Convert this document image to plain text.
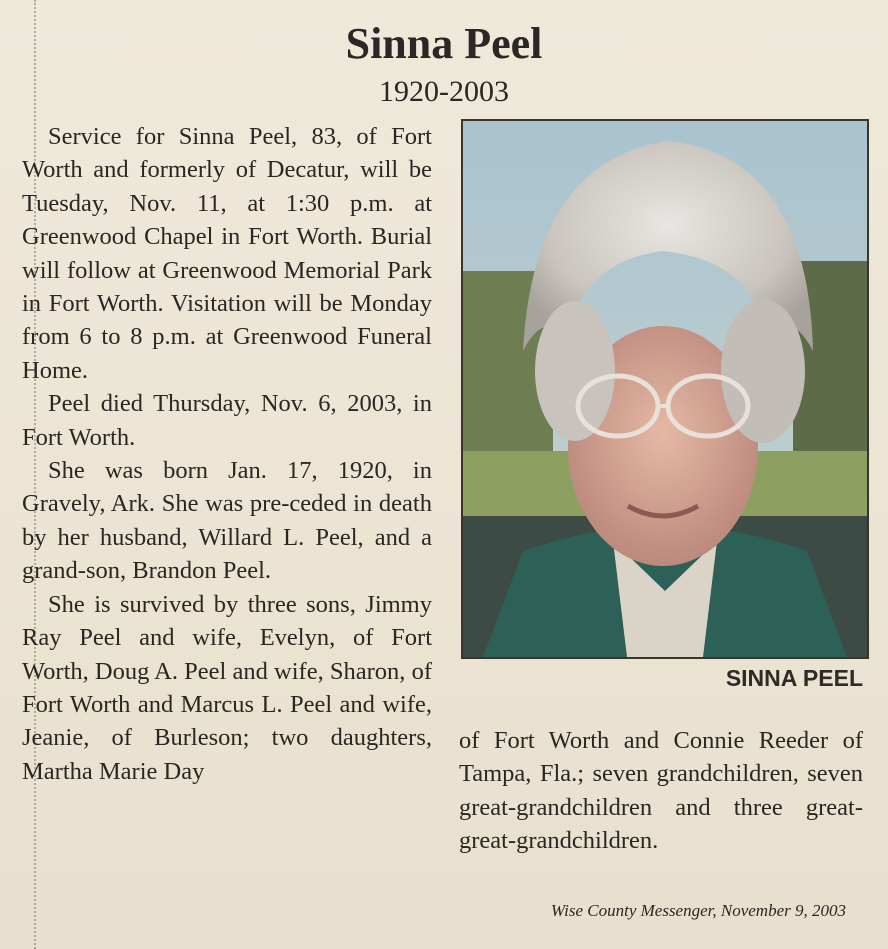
Sinna Peel
1920-2003

Service for Sinna Peel, 83, of Fort Worth and formerly of Decatur, will be Tuesday, Nov. 11, at 1:30 p.m. at Greenwood Chapel in Fort Worth. Burial will follow at Greenwood Memorial Park in Fort Worth. Visitation will be Monday from 6 to 8 p.m. at Greenwood Funeral Home.

Peel died Thursday, Nov. 6, 2003, in Fort Worth.

She was born Jan. 17, 1920, in Gravely, Ark. She was pre-ceded in death by her husband, Willard L. Peel, and a grand-son, Brandon Peel.

She is survived by three sons, Jimmy Ray Peel and wife, Evelyn, of Fort Worth, Doug A. Peel and wife, Sharon, of Fort Worth and Marcus L. Peel and wife, Jeanie, of Burleson; two daughters, Martha Marie Day

SINNA PEEL

of Fort Worth and Connie Reeder of Tampa, Fla.; seven grandchildren, seven great-grandchildren and three great-great-grandchildren.

Wise County Messenger, November 9, 2003
